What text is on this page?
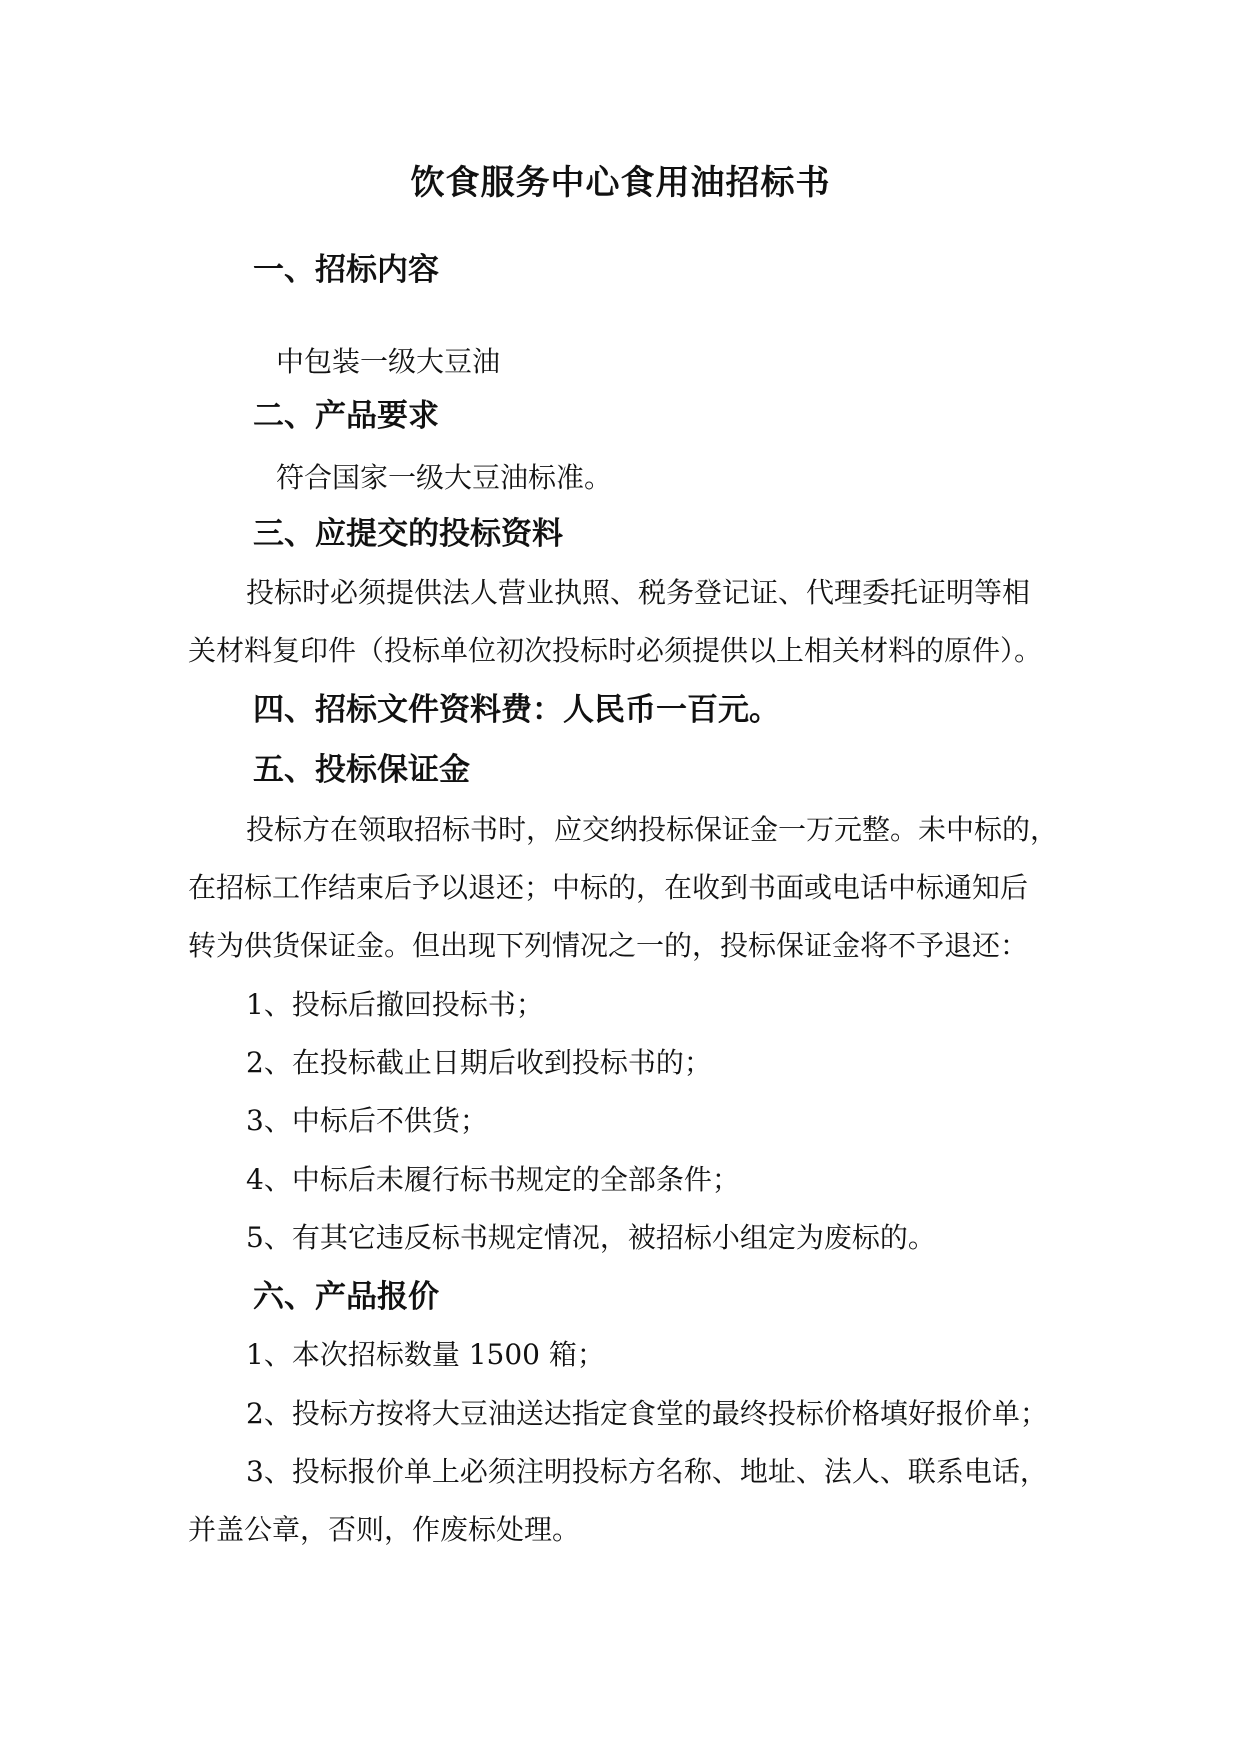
饮食服务中心食用油招标书
一、招标内容
中包装一级大豆油
二、产品要求
符合国家一级大豆油标准。
三、应提交的投标资料
投标时必须提供法人营业执照、税务登记证、代理委托证明等相
关材料复印件（投标单位初次投标时必须提供以上相关材料的原件）。
四、招标文件资料费：人民币一百元。
五、投标保证金
投标方在领取招标书时，应交纳投标保证金一万元整。未中标的，
在招标工作结束后予以退还；中标的，在收到书面或电话中标通知后
转为供货保证金。但出现下列情况之一的，投标保证金将不予退还：
1、投标后撤回投标书；
2、在投标截止日期后收到投标书的；
3、中标后不供货；
4、中标后未履行标书规定的全部条件；
5、有其它违反标书规定情况，被招标小组定为废标的。
六、产品报价
1、本次招标数量 1500 箱；
2、投标方按将大豆油送达指定食堂的最终投标价格填好报价单；
3、投标报价单上必须注明投标方名称、地址、法人、联系电话，
并盖公章，否则，作废标处理。
